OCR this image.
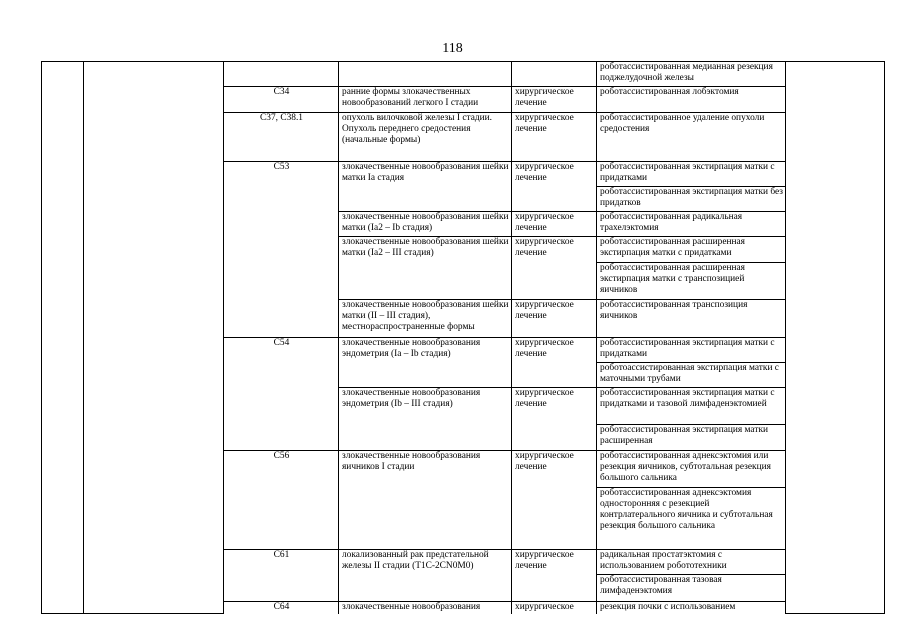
118
					роботассистированная медианная резекция поджелудочной железы	
		C34	ранние формы злокачественных новообразований легкого I стадии	хирургическое лечение	роботассистированная лобэктомия	
		C37, C38.1	опухоль вилочковой железы I стадии. Опухоль переднего средостения (начальные формы)	хирургическое лечение	роботассистированное удаление опухоли средостения	
		C53	злокачественные новообразования шейки матки Ia стадия	хирургическое лечение	роботассистированная экстирпация матки с придатками	
					роботассистированная экстирпация матки без придатков	
			злокачественные новообразования шейки матки (Ia2 – Ib стадия)	хирургическое лечение	роботассистированная радикальная трахелэктомия	
			злокачественные новообразования шейки матки (Ia2 – III стадия)	хирургическое лечение	роботассистированная расширенная экстирпация матки с придатками	
					роботассистированная расширенная экстирпация матки с транспозицией яичников	
			злокачественные новообразования шейки матки (II – III стадия), местнораспространенные формы	хирургическое лечение	роботассистированная транспозиция яичников	
		C54	злокачественные новообразования эндометрия (Ia – Ib стадия)	хирургическое лечение	роботассистированная экстирпация матки с придатками	
					роботоассистированная экстирпация матки с маточными трубами	
			злокачественные новообразования эндометрия (Ib – III стадия)	хирургическое лечение	роботассистированная экстирпация матки с придатками и тазовой лимфаденэктомией	
					роботассистированная экстирпация матки расширенная	
		C56	злокачественные новообразования яичников I стадии	хирургическое лечение	роботассистированная аднексэктомия или резекция яичников, субтотальная резекция большого сальника	
					роботассистированная аднексэктомия односторонняя с резекцией контрлатерального яичника и субтотальная резекция большого сальника	
		C61	локализованный рак предстательной железы II стадии (T1C-2CN0M0)	хирургическое лечение	радикальная простатэктомия с использованием робототехники	
					роботассистированная тазовая лимфаденэктомия	
		C64	злокачественные новообразования	хирургическое	резекция почки с использованием	
